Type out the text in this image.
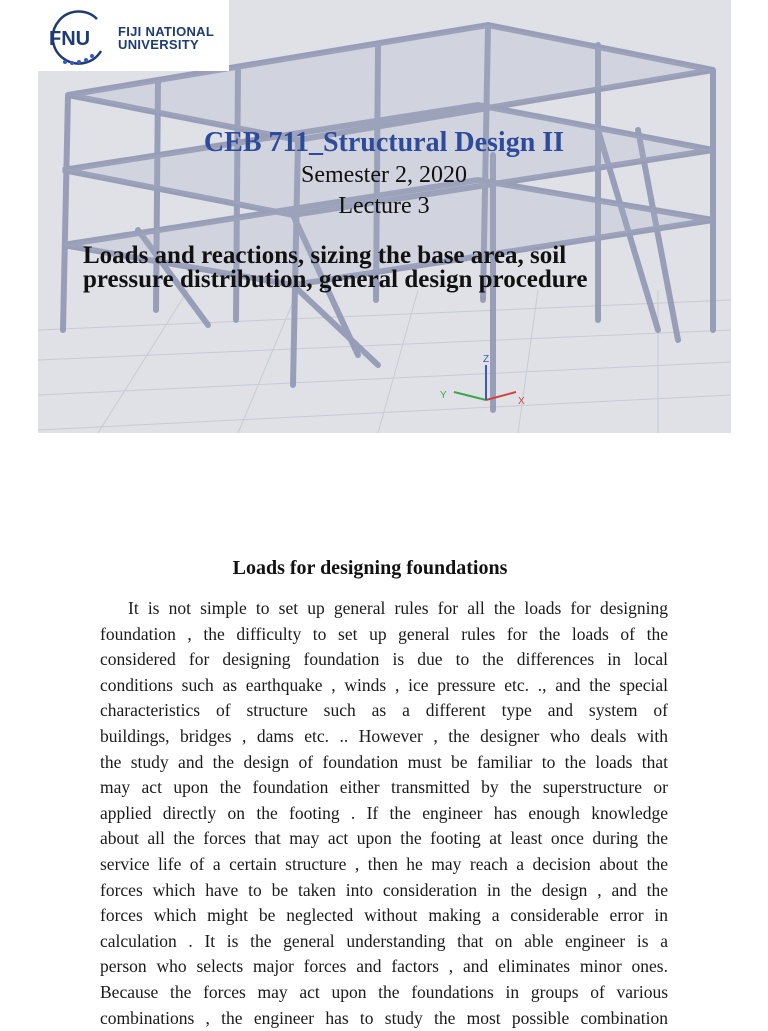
Y
X
Z
FNU FIJI NATIONAL
UNIVERSITY
CEB 711_Structural Design II
Semester 2, 2020
Lecture 3
Loads and reactions, sizing the base area, soil
pressure distribution, general design procedure
Loads for designing foundations
It is not simple to set up general rules for all the loads for designing
foundation , the difficulty to set up general rules for the loads of the
considered for designing foundation is due to the differences in local
conditions such as earthquake , winds , ice pressure etc. ., and the special
characteristics of structure such as a different type and system of
buildings, bridges , dams etc. .. However , the designer who deals with
the study and the design of foundation must be familiar to the loads that
may act upon the foundation either transmitted by the superstructure or
applied directly on the footing . If the engineer has enough knowledge
about all the forces that may act upon the footing at least once during the
service life of a certain structure , then he may reach a decision about the
forces which have to be taken into consideration in the design , and the
forces which might be neglected without making a considerable error in
calculation . It is the general understanding that on able engineer is a
person who selects major forces and factors , and eliminates minor ones.
Because the forces may act upon the foundations in groups of various
combinations , the engineer has to study the most possible combination
